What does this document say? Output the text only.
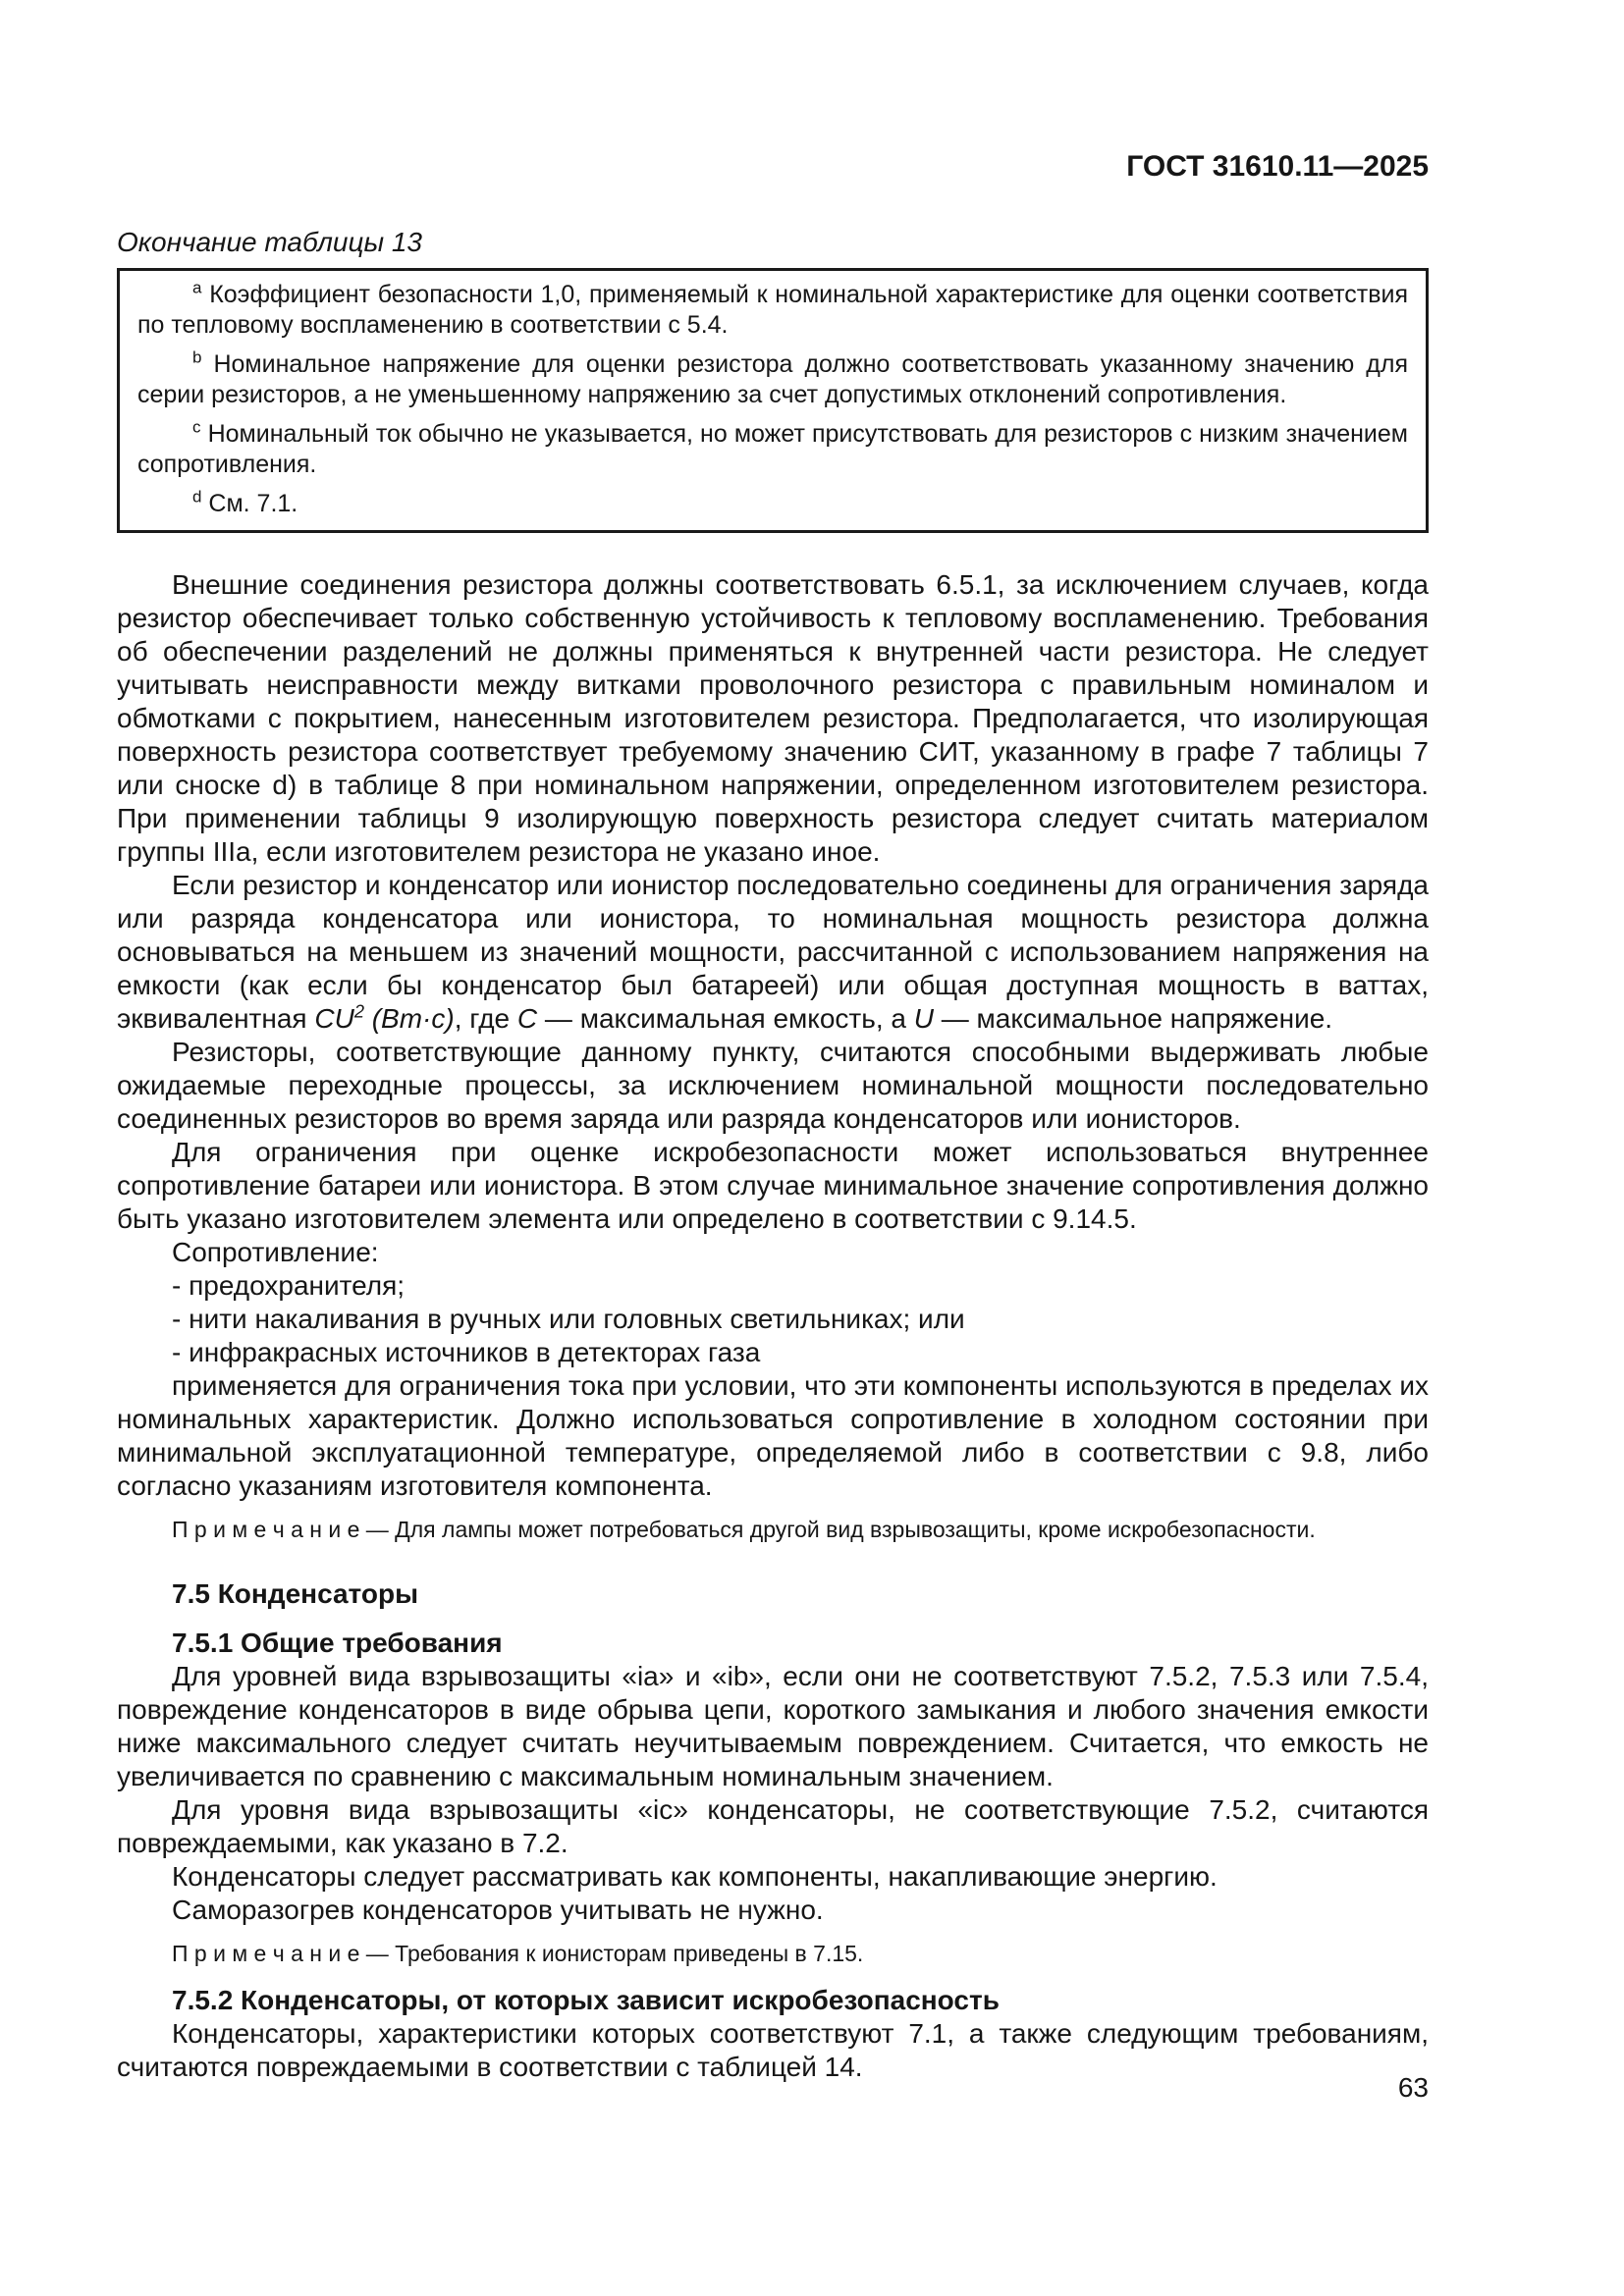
ГОСТ 31610.11—2025
Окончание таблицы 13

$^a$ Коэффициент безопасности 1,0, применяемый к номинальной характеристике для оценки соответствия по тепловому воспламенению в соответствии с 5.4.

$^b$ Номинальное напряжение для оценки резистора должно соответствовать указанному значению для серии резисторов, а не уменьшенному напряжению за счет допустимых отклонений сопротивления.

$^c$ Номинальный ток обычно не указывается, но может присутствовать для резисторов с низким значением сопротивления.

$^d$ См. 7.1.

Внешние соединения резистора должны соответствовать 6.5.1, за исключением случаев, когда резистор обеспечивает только собственную устойчивость к тепловому воспламенению. Требования об обеспечении разделений не должны применяться к внутренней части резистора. Не следует учитывать неисправности между витками проволочного резистора с правильным номиналом и обмотками с покрытием, нанесенным изготовителем резистора. Предполагается, что изолирующая поверхность резистора соответствует требуемому значению СИТ, указанному в графе 7 таблицы 7 или сноске d) в таблице 8 при номинальном напряжении, определенном изготовителем резистора. При применении таблицы 9 изолирующую поверхность резистора следует считать материалом группы IIIa, если изготовителем резистора не указано иное.

Если резистор и конденсатор или ионистор последовательно соединены для ограничения заряда или разряда конденсатора или ионистора, то номинальная мощность резистора должна основываться на меньшем из значений мощности, рассчитанной с использованием напряжения на емкости (как если бы конденсатор был батареей) или общая доступная мощность в ваттах, эквивалентная $CU^2$ (Вт·с), где C — максимальная емкость, а U — максимальное напряжение.

Резисторы, соответствующие данному пункту, считаются способными выдерживать любые ожидаемые переходные процессы, за исключением номинальной мощности последовательно соединенных резисторов во время заряда или разряда конденсаторов или ионисторов.

Для ограничения при оценке искробезопасности может использоваться внутреннее сопротивление батареи или ионистора. В этом случае минимальное значение сопротивления должно быть указано изготовителем элемента или определено в соответствии с 9.14.5.

Сопротивление:

- предохранителя;

- нити накаливания в ручных или головных светильниках; или

- инфракрасных источников в детекторах газа

применяется для ограничения тока при условии, что эти компоненты используются в пределах их номинальных характеристик. Должно использоваться сопротивление в холодном состоянии при минимальной эксплуатационной температуре, определяемой либо в соответствии с 9.8, либо согласно указаниям изготовителя компонента.

П р и м е ч а н и е — Для лампы может потребоваться другой вид взрывозащиты, кроме искробезопасности.

7.5 Конденсаторы

7.5.1 Общие требования

Для уровней вида взрывозащиты «ia» и «ib», если они не соответствуют 7.5.2, 7.5.3 или 7.5.4, повреждение конденсаторов в виде обрыва цепи, короткого замыкания и любого значения емкости ниже максимального следует считать неучитываемым повреждением. Считается, что емкость не увеличивается по сравнению с максимальным номинальным значением.

Для уровня вида взрывозащиты «ic» конденсаторы, не соответствующие 7.5.2, считаются повреждаемыми, как указано в 7.2.

Конденсаторы следует рассматривать как компоненты, накапливающие энергию.

Саморазогрев конденсаторов учитывать не нужно.

П р и м е ч а н и е — Требования к ионисторам приведены в 7.15.

7.5.2 Конденсаторы, от которых зависит искробезопасность

Конденсаторы, характеристики которых соответствуют 7.1, а также следующим требованиям, считаются повреждаемыми в соответствии с таблицей 14.

63
